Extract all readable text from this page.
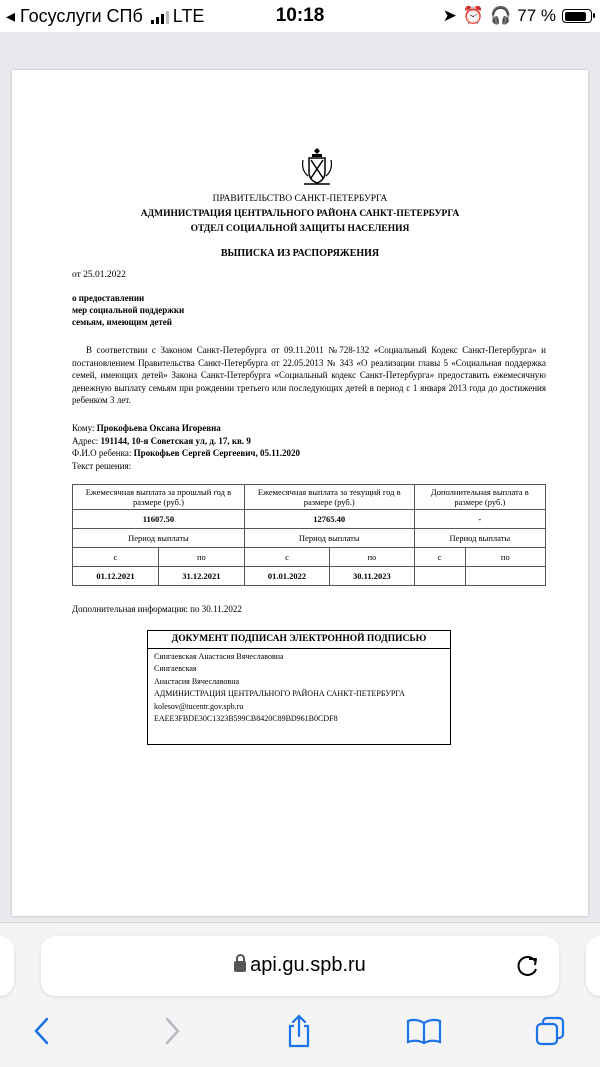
◂ Госуслуги СПб LTE	10:18	➤ ⏰ 🎧 77 %
ПРАВИТЕЛЬСТВО САНКТ-ПЕТЕРБУРГА
АДМИНИСТРАЦИЯ ЦЕНТРАЛЬНОГО РАЙОНА САНКТ-ПЕТЕРБУРГА
ОТДЕЛ СОЦИАЛЬНОЙ ЗАЩИТЫ НАСЕЛЕНИЯ
ВЫПИСКА ИЗ РАСПОРЯЖЕНИЯ
от 25.01.2022
о предоставлении
мер социальной поддержки
семьям, имеющим детей
В соответствии с Законом Санкт-Петербурга от 09.11.2011 №728-132 «Социальный Кодекс Санкт-Петербурга» и постановлением Правительства Санкт-Петербурга от 22.05.2013 № 343 «О реализации главы 5 «Социальная поддержка семей, имеющих детей» Закона Санкт-Петербурга «Социальный кодекс Санкт-Петербурга» предоставить ежемесячную денежную выплату семьям при рождении третьего или последующих детей в период с 1 января 2013 года до достижения ребенком 3 лет.
Кому: Прокофьева Оксана Игоревна
Адрес: 191144, 10-я Советская ул, д. 17, кв. 9
Ф.И.О ребенка: Прокофьев Сергей Сергеевич, 05.11.2020
Текст решения:
Ежемесячная выплата за прошлый год в размере (руб.)		Ежемесячная выплата за текущий год в размере (руб.)		Дополнительная выплата в размере (руб.)	
11607.50		12765.40		-	
Период выплаты		Период выплаты		Период выплаты	
с	по	с	по	с	по
01.12.2021	31.12.2021	01.01.2022	30.11.2023		
Дополнительная информация: по 30.11.2022
ДОКУМЕНТ ПОДПИСАН ЭЛЕКТРОННОЙ ПОДПИСЬЮ
Сингаевская Анастасия Вячеславовна
Сингаевская
Анастасия Вячеславовна
АДМИНИСТРАЦИЯ ЦЕНТРАЛЬНОГО РАЙОНА САНКТ-ПЕТЕРБУРГА
kolesov@tucentr.gov.spb.ru
EAEE3FBDE30C1323B599CB8420C89BD961B0CDF8
api.gu.spb.ru
